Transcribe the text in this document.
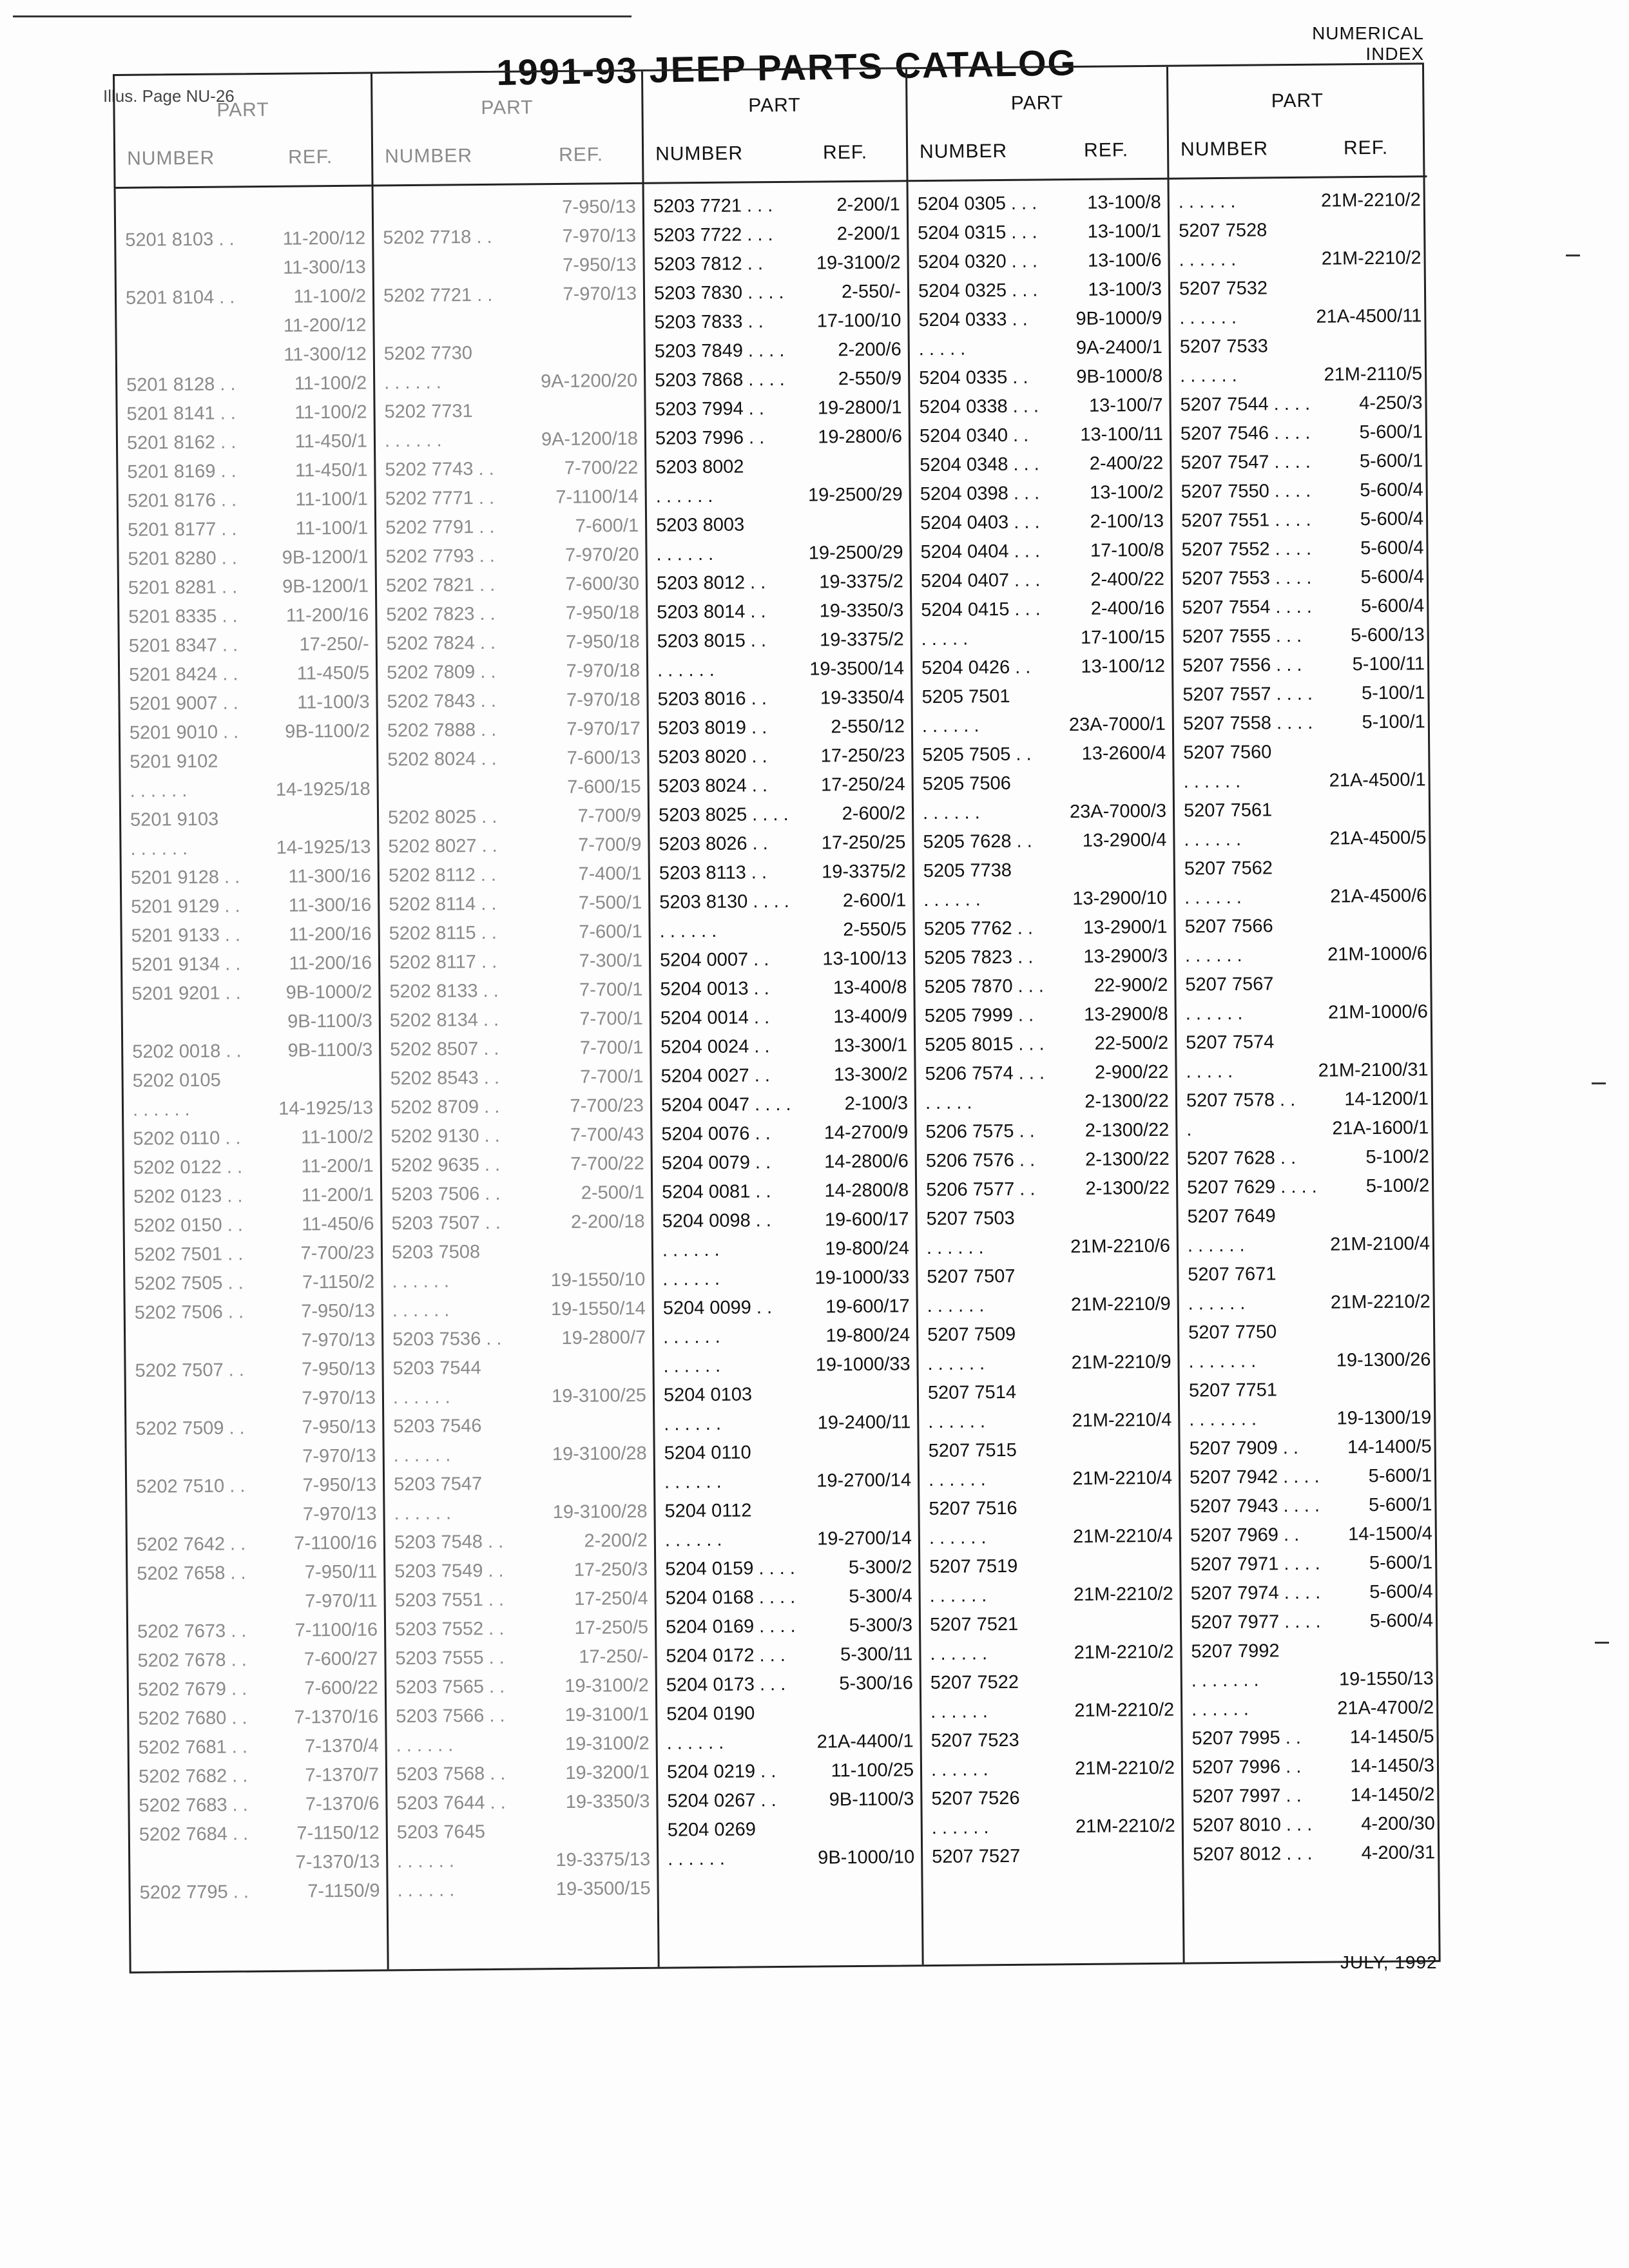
NUMERICAL
INDEX
Illus. Page NU-26
1991-93 JEEP PARTS CATALOG
PART
NUMBER	REF.
5201 8103 . .	11-200/12
11-300/13
5201 8104 . .	11-100/2
11-200/12
11-300/12
5201 8128 . .	11-100/2
5201 8141 . .	11-100/2
5201 8162 . .	11-450/1
5201 8169 . .	11-450/1
5201 8176 . .	11-100/1
5201 8177 . .	11-100/1
5201 8280 . . 9B-1200/1
5201 8281 . . 9B-1200/1
5201 8335 . .	11-200/16
5201 8347 . .	17-250/-
5201 8424 . .	11-450/5
5201 9007 . .	11-100/3
5201 9010 . . 9B-1100/2
5201 9102
. . . . . .	14-1925/18
5201 9103
. . . . . .	14-1925/13
5201 9128 . .	11-300/16
5201 9129 . .	11-300/16
5201 9133 . .	11-200/16
5201 9134 . .	11-200/16
5201 9201 . . 9B-1000/2
9B-1100/3
5202 0018 . . 9B-1100/3
5202 0105
. . . . . .	14-1925/13
5202 0110 . .	11-100/2
5202 0122 . .	11-200/1
5202 0123 . .	11-200/1
5202 0150 . .	11-450/6
5202 7501 . .	7-700/23
5202 7505 . .	7-1150/2
5202 7506 . .	7-950/13
7-970/13
5202 7507 . .	7-950/13
7-970/13
5202 7509 . .	7-950/13
7-970/13
5202 7510 . .	7-950/13
7-970/13
5202 7642 . .	7-1100/16
5202 7658 . .	7-950/11
7-970/11
5202 7673 . .	7-1100/16
5202 7678 . .	7-600/27
5202 7679 . .	7-600/22
5202 7680 . .	7-1370/16
5202 7681 . .	7-1370/4
5202 7682 . .	7-1370/7
5202 7683 . .	7-1370/6
5202 7684 . .	7-1150/12
7-1370/13
5202 7795 . .	7-1150/9
PART
NUMBER	REF.
7-950/13
5202 7718 . .	7-970/13
7-950/13
5202 7721 . .	7-970/13
5202 7730
. . . . . .	9A-1200/20
5202 7731
. . . . . .	9A-1200/18
5202 7743 . .	7-700/22
5202 7771 . .	7-1100/14
5202 7791 . .	7-600/1
5202 7793 . .	7-970/20
5202 7821 . .	7-600/30
5202 7823 . .	7-950/18
5202 7824 . .	7-950/18
5202 7809 . .	7-970/18
5202 7843 . .	7-970/18
5202 7888 . .	7-970/17
5202 8024 . .	7-600/13
7-600/15
5202 8025 . .	7-700/9
5202 8027 . .	7-700/9
5202 8112 . .	7-400/1
5202 8114 . .	7-500/1
5202 8115 . .	7-600/1
5202 8117 . .	7-300/1
5202 8133 . .	7-700/1
5202 8134 . .	7-700/1
5202 8507 . .	7-700/1
5202 8543 . .	7-700/1
5202 8709 . .	7-700/23
5202 9130 . .	7-700/43
5202 9635 . .	7-700/22
5203 7506 . .	2-500/1
5203 7507 . .	2-200/18
5203 7508
. . . . . .	19-1550/10
. . . . . .	19-1550/14
5203 7536 . .	19-2800/7
5203 7544
. . . . . .	19-3100/25
5203 7546
. . . . . .	19-3100/28
5203 7547
. . . . . .	19-3100/28
5203 7548 . .	2-200/2
5203 7549 . .	17-250/3
5203 7551 . .	17-250/4
5203 7552 . .	17-250/5
5203 7555 . .	17-250/-
5203 7565 . .	19-3100/2
5203 7566 . .	19-3100/1
. . . . . .	19-3100/2
5203 7568 . .	19-3200/1
5203 7644 . .	19-3350/3
5203 7645
. . . . . .	19-3375/13
. . . . . .	19-3500/15
PART
NUMBER	REF.
5203 7721 . . .	2-200/1
5203 7722 . . .	2-200/1
5203 7812 . .	19-3100/2
5203 7830 . . . .	2-550/-
5203 7833 . .	17-100/10
5203 7849 . . . .	2-200/6
5203 7868 . . . .	2-550/9
5203 7994 . .	19-2800/1
5203 7996 . .	19-2800/6
5203 8002
. . . . . .	19-2500/29
5203 8003
. . . . . .	19-2500/29
5203 8012 . .	19-3375/2
5203 8014 . .	19-3350/3
5203 8015 . .	19-3375/2
. . . . . .	19-3500/14
5203 8016 . .	19-3350/4
5203 8019 . .	2-550/12
5203 8020 . .	17-250/23
5203 8024 . .	17-250/24
5203 8025 . . . .	2-600/2
5203 8026 . .	17-250/25
5203 8113 . .	19-3375/2
5203 8130 . . . .	2-600/1
. . . . . .	2-550/5
5204 0007 . .	13-100/13
5204 0013 . .	13-400/8
5204 0014 . .	13-400/9
5204 0024 . .	13-300/1
5204 0027 . .	13-300/2
5204 0047 . . . .	2-100/3
5204 0076 . .	14-2700/9
5204 0079 . .	14-2800/6
5204 0081 . .	14-2800/8
5204 0098 . .	19-600/17
. . . . . .	19-800/24
. . . . . .	19-1000/33
5204 0099 . .	19-600/17
. . . . . .	19-800/24
. . . . . .	19-1000/33
5204 0103
. . . . . .	19-2400/11
5204 0110
. . . . . .	19-2700/14
5204 0112
. . . . . .	19-2700/14
5204 0159 . . . .	5-300/2
5204 0168 . . . .	5-300/4
5204 0169 . . . .	5-300/3
5204 0172 . . .	5-300/11
5204 0173 . . .	5-300/16
5204 0190
. . . . . .	21A-4400/1
5204 0219 . .	11-100/25
5204 0267 . .	9B-1100/3
5204 0269
. . . . . .	9B-1000/10
PART
NUMBER	REF.
5204 0305 . . .	13-100/8
5204 0315 . . .	13-100/1
5204 0320 . . .	13-100/6
5204 0325 . . .	13-100/3
5204 0333 . .	9B-1000/9
. . . . .	9A-2400/1
5204 0335 . .	9B-1000/8
5204 0338 . . .	13-100/7
5204 0340 . .	13-100/11
5204 0348 . . .	2-400/22
5204 0398 . . .	13-100/2
5204 0403 . . .	2-100/13
5204 0404 . . .	17-100/8
5204 0407 . . .	2-400/22
5204 0415 . . .	2-400/16
. . . . .	17-100/15
5204 0426 . .	13-100/12
5205 7501
. . . . . .	23A-7000/1
5205 7505 . .	13-2600/4
5205 7506
. . . . . .	23A-7000/3
5205 7628 . .	13-2900/4
5205 7738
. . . . . .	13-2900/10
5205 7762 . .	13-2900/1
5205 7823 . .	13-2900/3
5205 7870 . . .	22-900/2
5205 7999 . .	13-2900/8
5205 8015 . . .	22-500/2
5206 7574 . . .	2-900/22
. . . . .	2-1300/22
5206 7575 . .	2-1300/22
5206 7576 . .	2-1300/22
5206 7577 . .	2-1300/22
5207 7503
. . . . . .	21M-2210/6
5207 7507
. . . . . .	21M-2210/9
5207 7509
. . . . . .	21M-2210/9
5207 7514
. . . . . .	21M-2210/4
5207 7515
. . . . . .	21M-2210/4
5207 7516
. . . . . .	21M-2210/4
5207 7519
. . . . . .	21M-2210/2
5207 7521
. . . . . .	21M-2210/2
5207 7522
. . . . . .	21M-2210/2
5207 7523
. . . . . .	21M-2210/2
5207 7526
. . . . . .	21M-2210/2
5207 7527
PART
NUMBER	REF.
. . . . . .	21M-2210/2
5207 7528
. . . . . .	21M-2210/2
5207 7532
. . . . . .	21A-4500/11
5207 7533
. . . . . .	21M-2110/5
5207 7544 . . . .	4-250/3
5207 7546 . . . .	5-600/1
5207 7547 . . . .	5-600/1
5207 7550 . . . .	5-600/4
5207 7551 . . . .	5-600/4
5207 7552 . . . .	5-600/4
5207 7553 . . . .	5-600/4
5207 7554 . . . .	5-600/4
5207 7555 . . .	5-600/13
5207 7556 . . .	5-100/11
5207 7557 . . . .	5-100/1
5207 7558 . . . .	5-100/1
5207 7560
. . . . . .	21A-4500/1
5207 7561
. . . . . .	21A-4500/5
5207 7562
. . . . . .	21A-4500/6
5207 7566
. . . . . .	21M-1000/6
5207 7567
. . . . . .	21M-1000/6
5207 7574
. . . . .	21M-2100/31
5207 7578 . .	14-1200/1
.	21A-1600/1
5207 7628 . .	5-100/2
5207 7629 . . . .	5-100/2
5207 7649
. . . . . .	21M-2100/4
5207 7671
. . . . . .	21M-2210/2
5207 7750
. . . . . . .	19-1300/26
5207 7751
. . . . . . .	19-1300/19
5207 7909 . .	14-1400/5
5207 7942 . . . .	5-600/1
5207 7943 . . . .	5-600/1
5207 7969 . .	14-1500/4
5207 7971 . . . .	5-600/1
5207 7974 . . . .	5-600/4
5207 7977 . . . .	5-600/4
5207 7992
. . . . . . .	19-1550/13
. . . . . .	21A-4700/2
5207 7995 . .	14-1450/5
5207 7996 . .	14-1450/3
5207 7997 . .	14-1450/2
5207 8010 . . .	4-200/30
5207 8012 . . .	4-200/31
JULY, 1992
